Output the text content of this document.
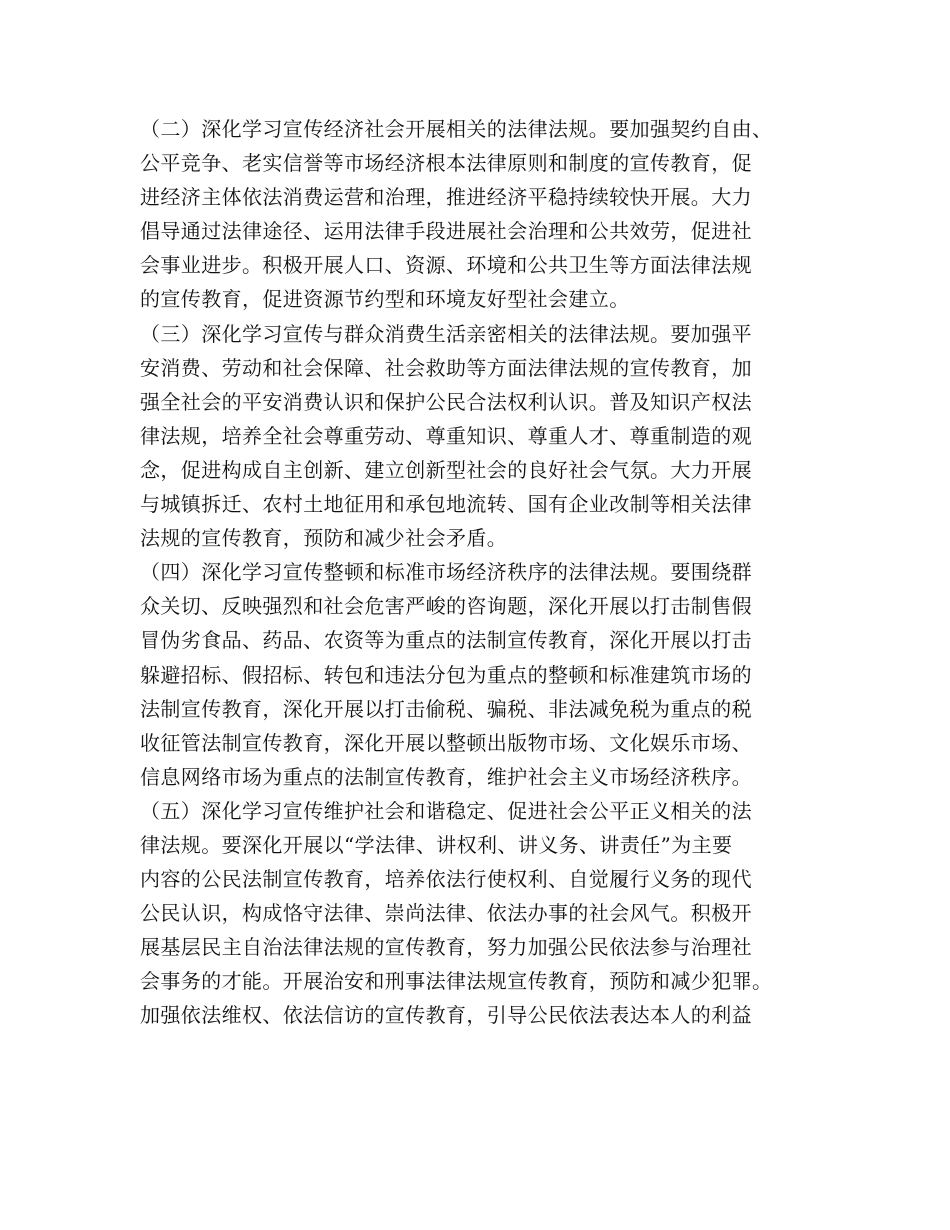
（二）深化学习宣传经济社会开展相关的法律法规。要加强契约自由、
公平竞争、老实信誉等市场经济根本法律原则和制度的宣传教育，促
进经济主体依法消费运营和治理，推进经济平稳持续较快开展。大力
倡导通过法律途径、运用法律手段进展社会治理和公共效劳，促进社
会事业进步。积极开展人口、资源、环境和公共卫生等方面法律法规
的宣传教育，促进资源节约型和环境友好型社会建立。
（三）深化学习宣传与群众消费生活亲密相关的法律法规。要加强平
安消费、劳动和社会保障、社会救助等方面法律法规的宣传教育，加
强全社会的平安消费认识和保护公民合法权利认识。普及知识产权法
律法规，培养全社会尊重劳动、尊重知识、尊重人才、尊重制造的观
念，促进构成自主创新、建立创新型社会的良好社会气氛。大力开展
与城镇拆迁、农村土地征用和承包地流转、国有企业改制等相关法律
法规的宣传教育，预防和减少社会矛盾。
（四）深化学习宣传整顿和标准市场经济秩序的法律法规。要围绕群
众关切、反映强烈和社会危害严峻的咨询题，深化开展以打击制售假
冒伪劣食品、药品、农资等为重点的法制宣传教育，深化开展以打击
躲避招标、假招标、转包和违法分包为重点的整顿和标准建筑市场的
法制宣传教育，深化开展以打击偷税、骗税、非法减免税为重点的税
收征管法制宣传教育，深化开展以整顿出版物市场、文化娱乐市场、
信息网络市场为重点的法制宣传教育，维护社会主义市场经济秩序。
（五）深化学习宣传维护社会和谐稳定、促进社会公平正义相关的法
律法规。要深化开展以“学法律、讲权利、讲义务、讲责任”为主要
内容的公民法制宣传教育，培养依法行使权利、自觉履行义务的现代
公民认识，构成恪守法律、崇尚法律、依法办事的社会风气。积极开
展基层民主自治法律法规的宣传教育，努力加强公民依法参与治理社
会事务的才能。开展治安和刑事法律法规宣传教育，预防和减少犯罪。
加强依法维权、依法信访的宣传教育，引导公民依法表达本人的利益
